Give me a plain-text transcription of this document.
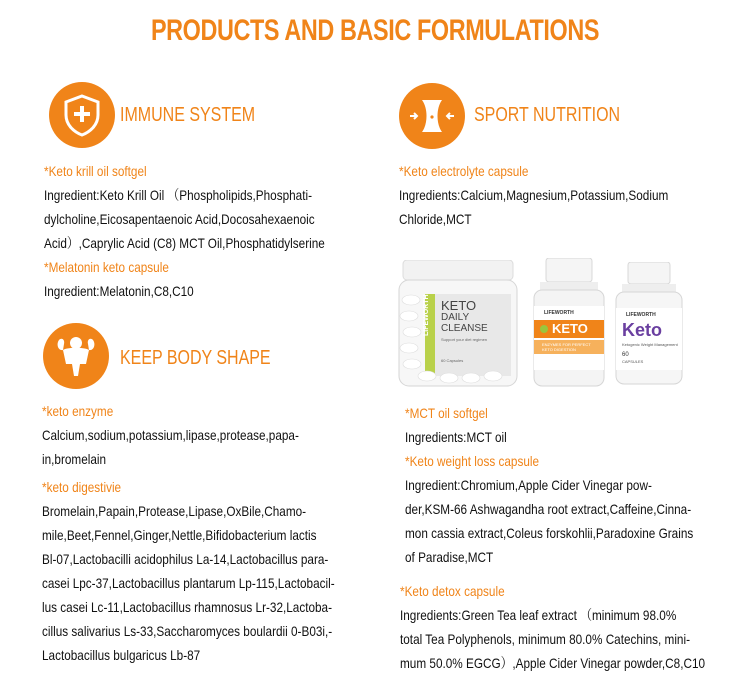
PRODUCTS AND BASIC FORMULATIONS
IMMUNE SYSTEM
*Keto krill oil softgel
Ingredient:Keto Krill Oil （Phospholipids,Phosphati-
dylcholine,Eicosapentaenoic Acid,Docosahexaenoic
Acid）,Caprylic Acid (C8) MCT Oil,Phosphatidylserine
*Melatonin keto capsule
Ingredient:Melatonin,C8,C10
KEEP BODY SHAPE
*keto enzyme
Calcium,sodium,potassium,lipase,protease,papa-
in,bromelain
*keto digestivie
Bromelain,Papain,Protease,Lipase,OxBile,Chamo-
mile,Beet,Fennel,Ginger,Nettle,Bifidobacterium lactis
Bl-07,Lactobacilli acidophilus La-14,Lactobacillus para-
casei Lpc-37,Lactobacillus plantarum Lp-115,Lactobacil-
lus casei Lc-11,Lactobacillus rhamnosus Lr-32,Lactoba-
cillus salivarius Ls-33,Saccharomyces boulardii 0-B03i,-
Lactobacillus bulgaricus Lb-87
SPORT NUTRITION
*Keto electrolyte capsule
Ingredients:Calcium,Magnesium,Potassium,Sodium
Chloride,MCT
LIFEWORTH KETO
DAILY
CLEANSE
Support your diet regimen
60 Capsules
LIFEWORTH
KETO
ENZYMES FOR PERFECT KETO DIGESTION
LIFEWORTH
Keto
Ketogenic Weight Management
60
CAPSULES
*MCT oil softgel
Ingredients:MCT oil
*Keto weight loss capsule
Ingredient:Chromium,Apple Cider Vinegar pow-
der,KSM-66 Ashwagandha root extract,Caffeine,Cinna-
mon cassia extract,Coleus forskohlii,Paradoxine Grains
of Paradise,MCT
*Keto detox capsule
Ingredients:Green Tea leaf extract （minimum 98.0%
total Tea Polyphenols, minimum 80.0% Catechins, mini-
mum 50.0% EGCG）,Apple Cider Vinegar powder,C8,C10
